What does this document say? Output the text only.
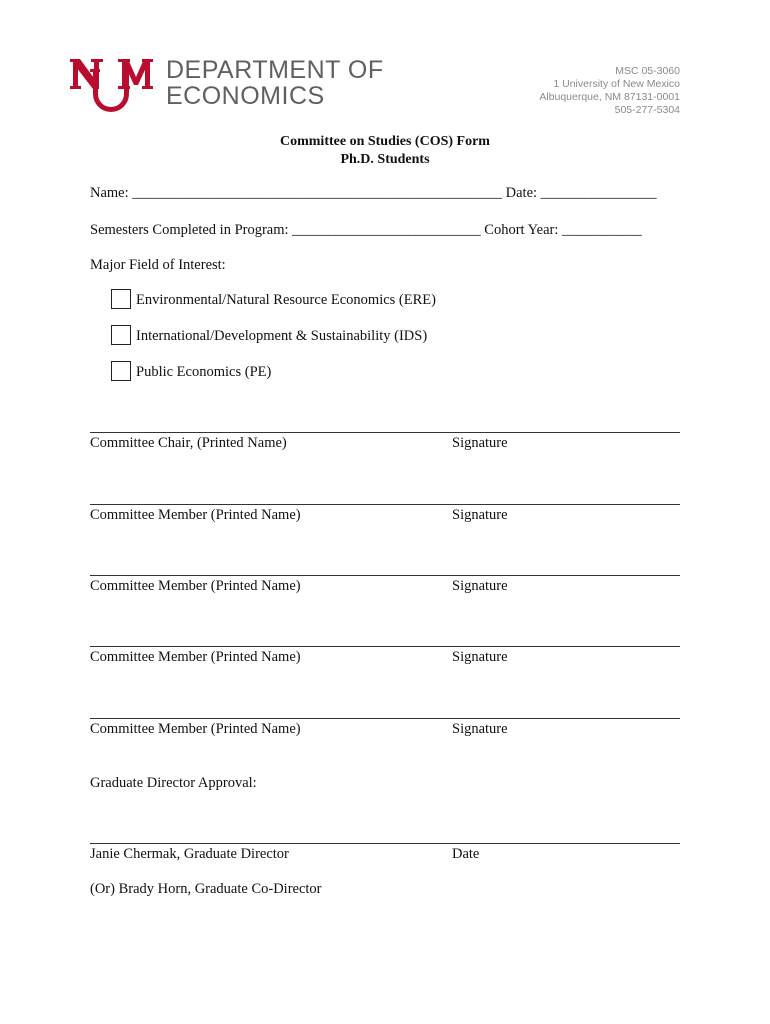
DEPARTMENT OF
ECONOMICS
MSC 05-3060
1 University of New Mexico
Albuquerque, NM 87131-0001
505-277-5304
Committee on Studies (COS) Form
Ph.D. Students
Name: ___________________________________________________ Date: ________________
Semesters Completed in Program: __________________________ Cohort Year: ___________
Major Field of Interest:
Environmental/Natural Resource Economics (ERE)
International/Development & Sustainability (IDS)
Public Economics (PE)
Committee Chair, (Printed Name)	Signature
Committee Member (Printed Name)	Signature
Committee Member (Printed Name)	Signature
Committee Member (Printed Name)	Signature
Committee Member (Printed Name)	Signature
Graduate Director Approval:
Janie Chermak, Graduate Director	Date
(Or) Brady Horn, Graduate Co-Director
